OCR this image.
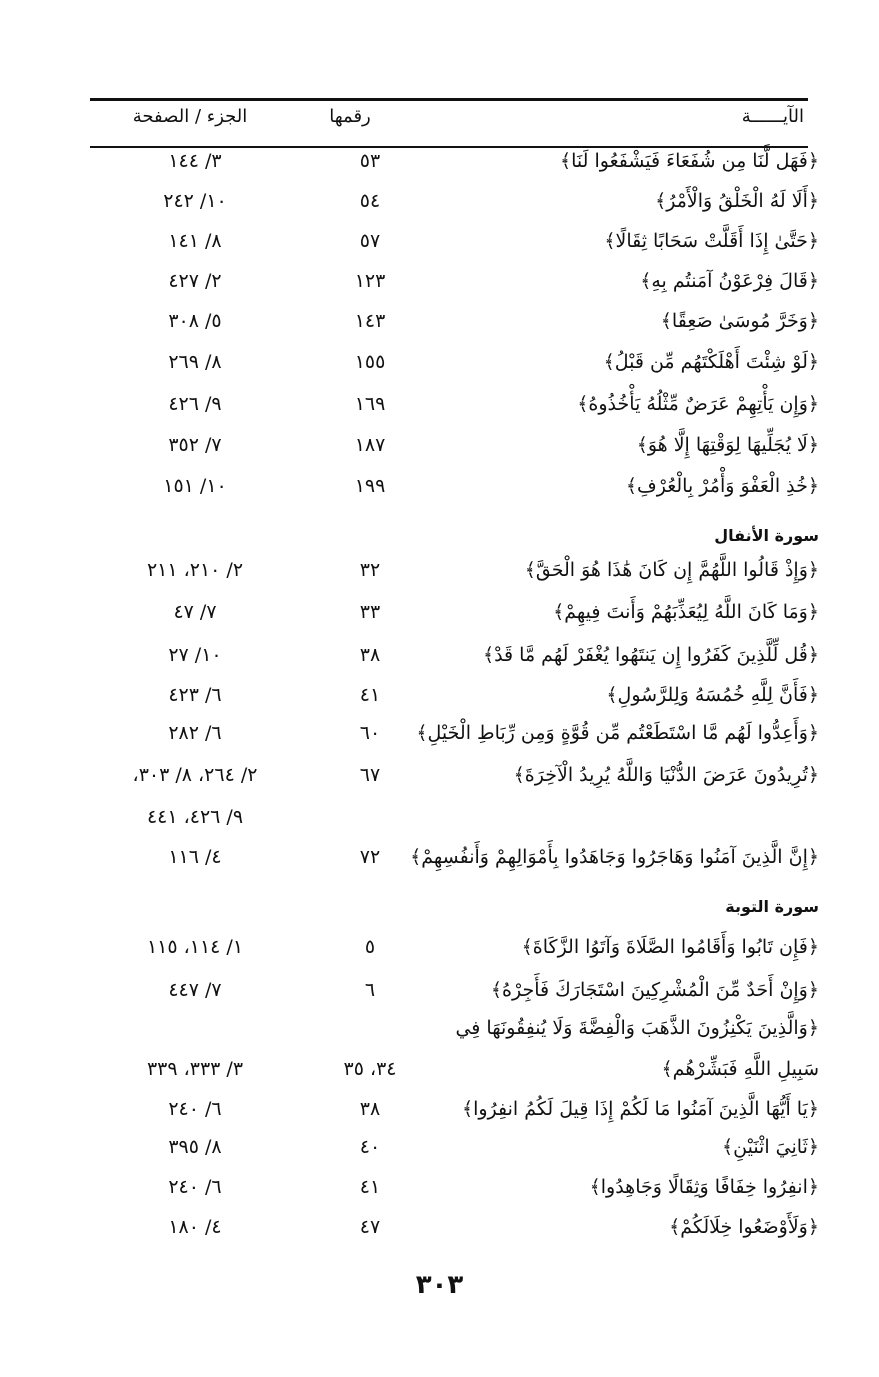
الآيــــــة
رقمها
الجزء / الصفحة
﴿فَهَل لَّنَا مِن شُفَعَاءَ فَيَشْفَعُوا لَنَا﴾
٥٣
٣/ ١٤٤
﴿أَلَا لَهُ الْخَلْقُ وَالْأَمْرُ﴾
٥٤
١٠/ ٢٤٢
﴿حَتَّىٰ إِذَا أَقَلَّتْ سَحَابًا ثِقَالًا﴾
٥٧
٨/ ١٤١
﴿قَالَ فِرْعَوْنُ آمَنتُم بِهِ﴾
١٢٣
٢/ ٤٢٧
﴿وَخَرَّ مُوسَىٰ صَعِقًا﴾
١٤٣
٥/ ٣٠٨
﴿لَوْ شِئْتَ أَهْلَكْتَهُم مِّن قَبْلُ﴾
١٥٥
٨/ ٢٦٩
﴿وَإِن يَأْتِهِمْ عَرَضٌ مِّثْلُهُ يَأْخُذُوهُ﴾
١٦٩
٩/ ٤٢٦
﴿لَا يُجَلِّيهَا لِوَقْتِهَا إِلَّا هُوَ﴾
١٨٧
٧/ ٣٥٢
﴿خُذِ الْعَفْوَ وَأْمُرْ بِالْعُرْفِ﴾
١٩٩
١٠/ ١٥١
سورة الأنفال
﴿وَإِذْ قَالُوا اللَّهُمَّ إِن كَانَ هَٰذَا هُوَ الْحَقَّ﴾
٣٢
٢/ ٢١٠، ٢١١
﴿وَمَا كَانَ اللَّهُ لِيُعَذِّبَهُمْ وَأَنتَ فِيهِمْ﴾
٣٣
٧/ ٤٧
﴿قُل لِّلَّذِينَ كَفَرُوا إِن يَنتَهُوا يُغْفَرْ لَهُم مَّا قَدْ﴾
٣٨
١٠/ ٢٧
﴿فَأَنَّ لِلَّهِ خُمُسَهُ وَلِلرَّسُولِ﴾
٤١
٦/ ٤٢٣
﴿وَأَعِدُّوا لَهُم مَّا اسْتَطَعْتُم مِّن قُوَّةٍ وَمِن رِّبَاطِ الْخَيْلِ﴾
٦٠
٦/ ٢٨٢
﴿تُرِيدُونَ عَرَضَ الدُّنْيَا وَاللَّهُ يُرِيدُ الْآخِرَةَ﴾
٦٧
٢/ ٢٦٤، ٨/ ٣٠٣،
٩/ ٤٢٦، ٤٤١
﴿إِنَّ الَّذِينَ آمَنُوا وَهَاجَرُوا وَجَاهَدُوا بِأَمْوَالِهِمْ وَأَنفُسِهِمْ﴾
٧٢
٤/ ١١٦
سورة التوبة
﴿فَإِن تَابُوا وَأَقَامُوا الصَّلَاةَ وَآتَوُا الزَّكَاةَ﴾
٥
١/ ١١٤، ١١٥
﴿وَإِنْ أَحَدٌ مِّنَ الْمُشْرِكِينَ اسْتَجَارَكَ فَأَجِرْهُ﴾
٦
٧/ ٤٤٧
﴿وَالَّذِينَ يَكْنِزُونَ الذَّهَبَ وَالْفِضَّةَ وَلَا يُنفِقُونَهَا فِي
سَبِيلِ اللَّهِ فَبَشِّرْهُم﴾
٣٤، ٣٥
٣/ ٣٣٣، ٣٣٩
﴿يَا أَيُّهَا الَّذِينَ آمَنُوا مَا لَكُمْ إِذَا قِيلَ لَكُمُ انفِرُوا﴾
٣٨
٦/ ٢٤٠
﴿ثَانِيَ اثْنَيْنِ﴾
٤٠
٨/ ٣٩٥
﴿انفِرُوا خِفَافًا وَثِقَالًا وَجَاهِدُوا﴾
٤١
٦/ ٢٤٠
﴿وَلَأَوْضَعُوا خِلَالَكُمْ﴾
٤٧
٤/ ١٨٠
٣٠٣
